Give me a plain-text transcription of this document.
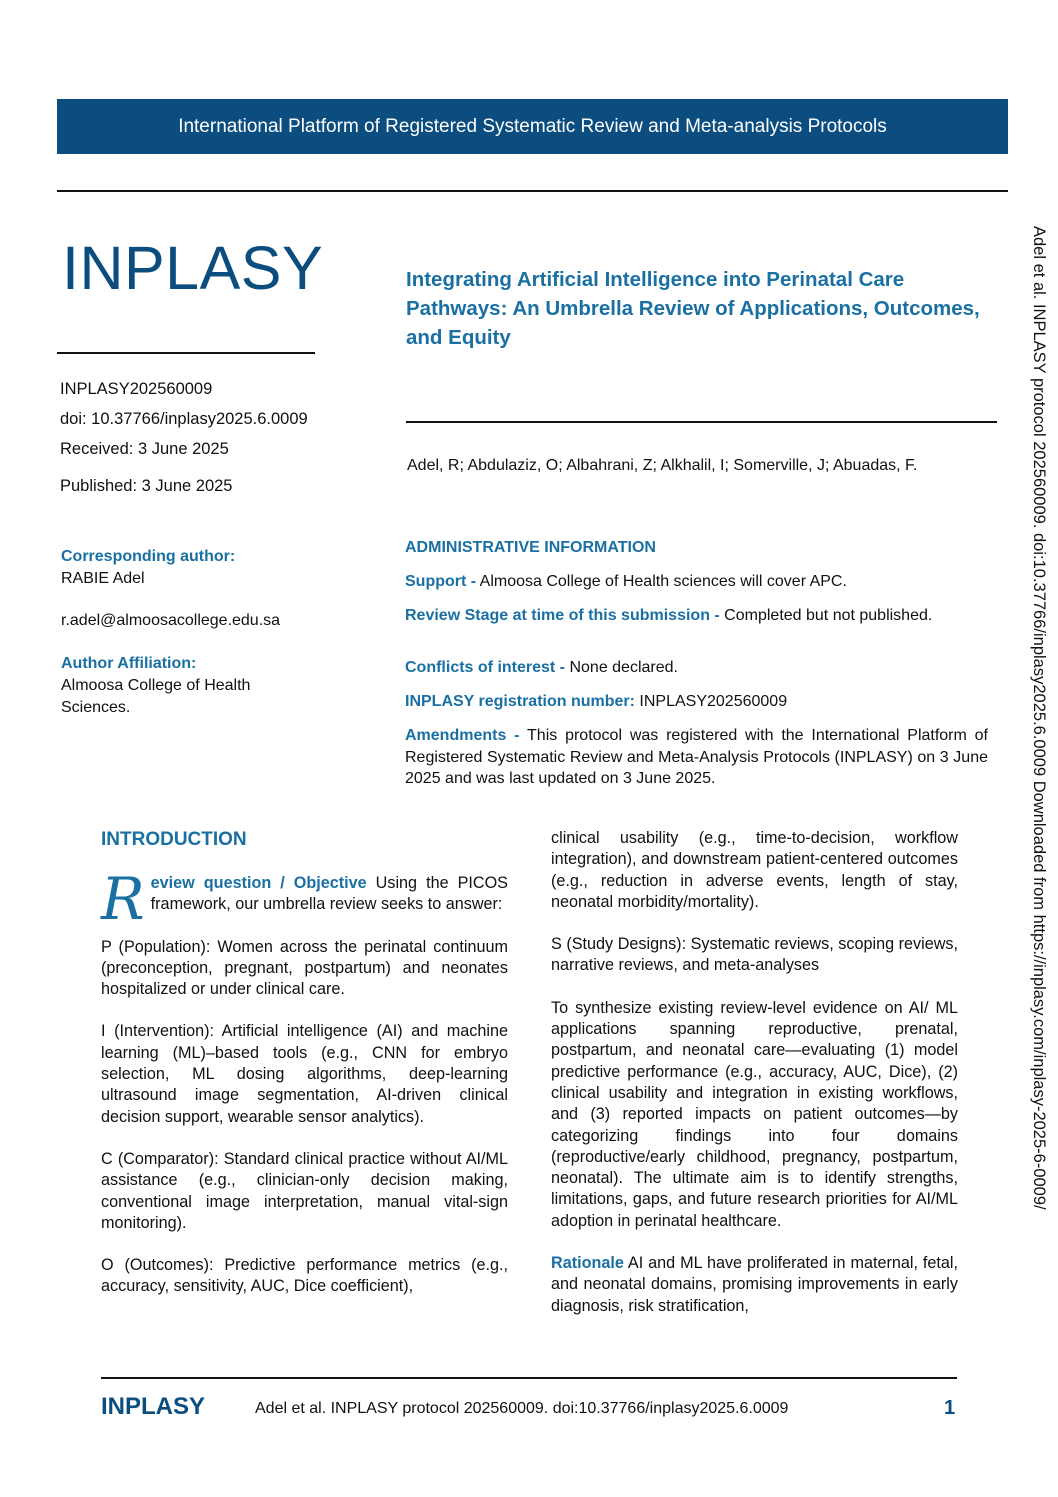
International Platform of Registered Systematic Review and Meta-analysis Protocols
INPLASY	Integrating Artificial Intelligence into Perinatal Care Pathways: An Umbrella Review of Applications, Outcomes, and Equity
INPLASY202560009
doi: 10.37766/inplasy2025.6.0009
Received: 3 June 2025
Published: 3 June 2025
Adel, R; Abdulaziz, O; Albahrani, Z; Alkhalil, I; Somerville, J; Abuadas, F.
Corresponding author:
RABIE Adel
r.adel@almoosacollege.edu.sa
Author Affiliation:
Almoosa College of Health Sciences.
ADMINISTRATIVE INFORMATION
Support - Almoosa College of Health sciences will cover APC.
Review Stage at time of this submission - Completed but not published.
Conflicts of interest - None declared.
INPLASY registration number: INPLASY202560009
Amendments - This protocol was registered with the International Platform of Registered Systematic Review and Meta-Analysis Protocols (INPLASY) on 3 June 2025 and was last updated on 3 June 2025.
INTRODUCTION

Review question / Objective Using the PICOS framework, our umbrella review seeks to answer:

P (Population): Women across the perinatal continuum (preconception, pregnant, postpartum) and neonates hospitalized or under clinical care.

I (Intervention): Artificial intelligence (AI) and machine learning (ML)–based tools (e.g., CNN for embryo selection, ML dosing algorithms, deep-learning ultrasound image segmentation, AI-driven clinical decision support, wearable sensor analytics).

C (Comparator): Standard clinical practice without AI/ML assistance (e.g., clinician-only decision making, conventional image interpretation, manual vital-sign monitoring).

O (Outcomes): Predictive performance metrics (e.g., accuracy, sensitivity, AUC, Dice coefficient),

clinical usability (e.g., time-to-decision, workflow integration), and downstream patient-centered outcomes (e.g., reduction in adverse events, length of stay, neonatal morbidity/mortality).

S (Study Designs): Systematic reviews, scoping reviews, narrative reviews, and meta-analyses

To synthesize existing review-level evidence on AI/ ML applications spanning reproductive, prenatal, postpartum, and neonatal care—evaluating (1) model predictive performance (e.g., accuracy, AUC, Dice), (2) clinical usability and integration in existing workflows, and (3) reported impacts on patient outcomes—by categorizing findings into four domains (reproductive/early childhood, pregnancy, postpartum, neonatal). The ultimate aim is to identify strengths, limitations, gaps, and future research priorities for AI/ML adoption in perinatal healthcare.

Rationale AI and ML have proliferated in maternal, fetal, and neonatal domains, promising improvements in early diagnosis, risk stratification,

Adel et al. INPLASY protocol 202560009. doi:10.37766/inplasy2025.6.0009 Downloaded from https://inplasy.com/inplasy-2025-6-0009/
INPLASY	Adel et al. INPLASY protocol 202560009. doi:10.37766/inplasy2025.6.0009	1
